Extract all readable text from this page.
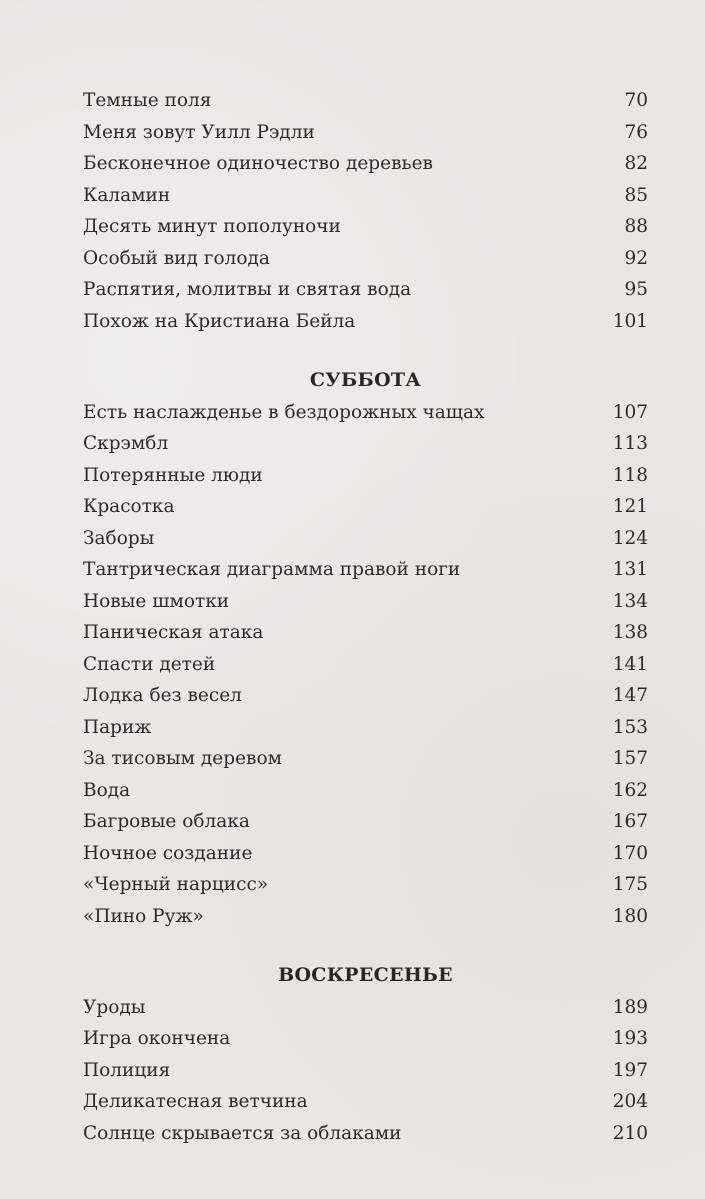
Темные поля	70
Меня зовут Уилл Рэдли	76
Бесконечное одиночество деревьев	82
Каламин	85
Десять минут пополуночи	88
Особый вид голода	92
Распятия, молитвы и святая вода	95
Похож на Кристиана Бейла	101
СУББОТА
Есть наслажденье в бездорожных чащах	107
Скрэмбл	113
Потерянные люди	118
Красотка	121
Заборы	124
Тантрическая диаграмма правой ноги	131
Новые шмотки	134
Паническая атака	138
Спасти детей	141
Лодка без весел	147
Париж	153
За тисовым деревом	157
Вода	162
Багровые облака	167
Ночное создание	170
«Черный нарцисс»	175
«Пино Руж»	180
ВОСКРЕСЕНЬЕ
Уроды	189
Игра окончена	193
Полиция	197
Деликатесная ветчина	204
Солнце скрывается за облаками	210
